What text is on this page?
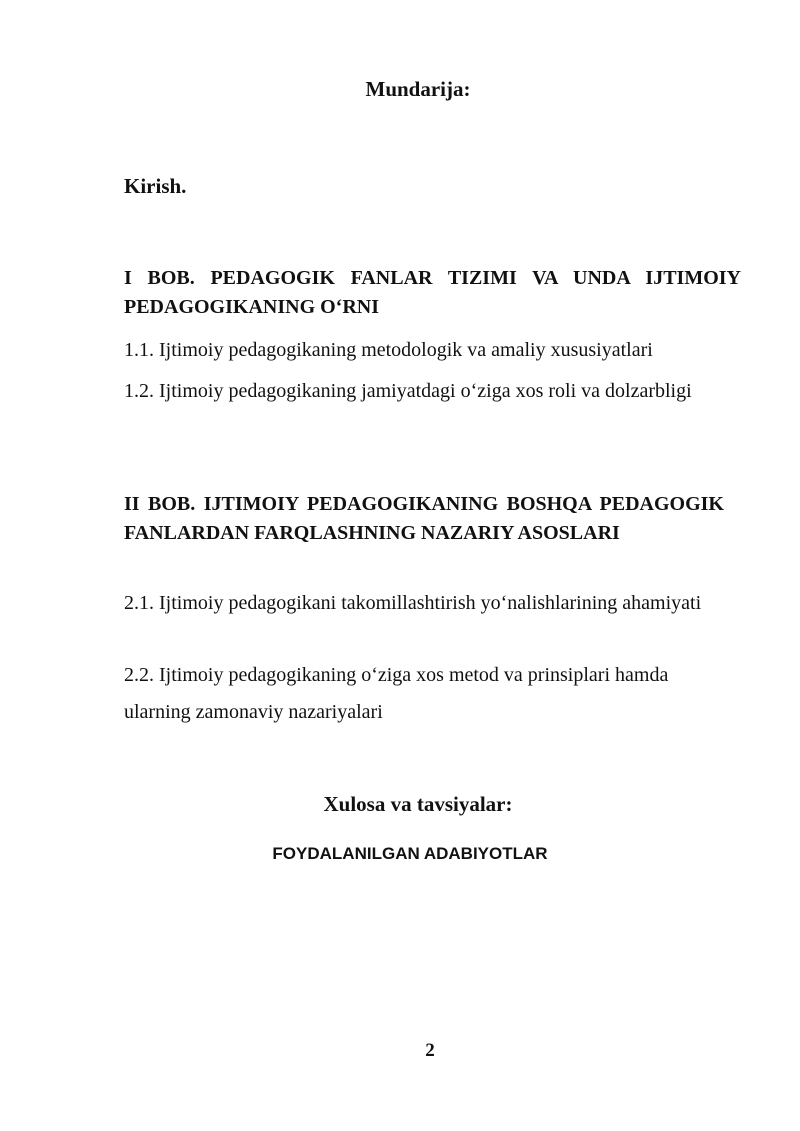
Mundarija:

Kirish.

I BOB. PEDAGOGIK FANLAR TIZIMI VA UNDA IJTIMOIY PEDAGOGIKANING O‘RNI

1.1. Ijtimoiy pedagogikaning metodologik va amaliy xususiyatlari

1.2. Ijtimoiy pedagogikaning jamiyatdagi o‘ziga xos roli va dolzarbligi

II BOB. IJTIMOIY PEDAGOGIKANING BOSHQA PEDAGOGIK FANLARDAN FARQLASHNING NAZARIY ASOSLARI

2.1. Ijtimoiy pedagogikani takomillashtirish yo‘nalishlarining ahamiyati

2.2. Ijtimoiy pedagogikaning o‘ziga xos metod va prinsiplari hamda ularning zamonaviy nazariyalari

Xulosa va tavsiyalar:

FOYDALANILGAN ADABIYOTLAR

2
